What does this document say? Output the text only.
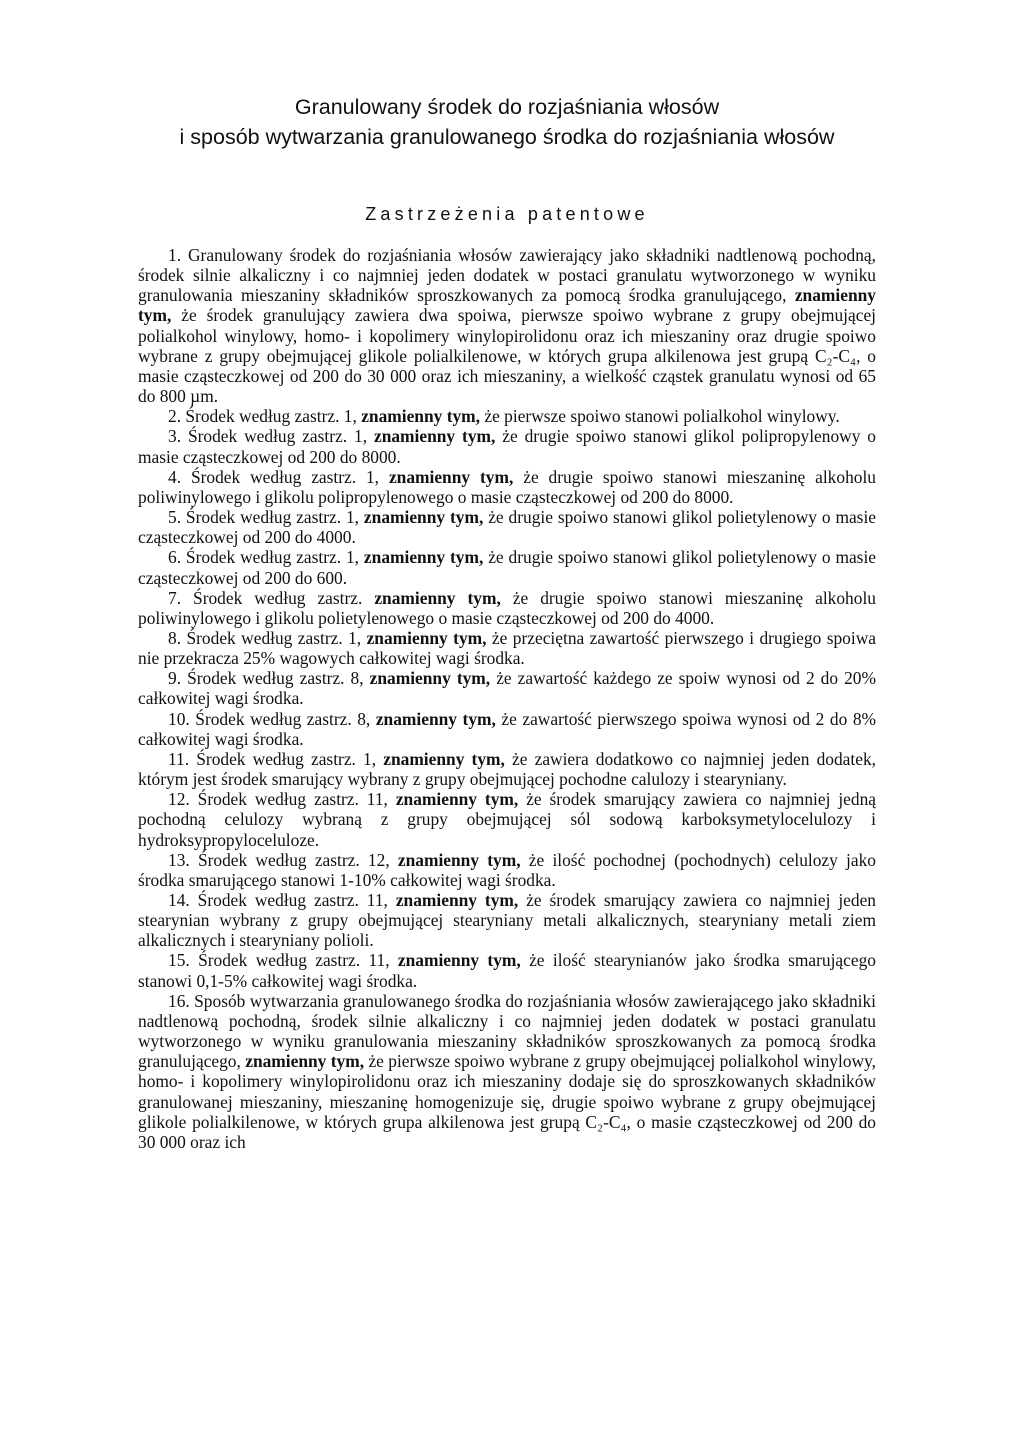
Granulowany środek do rozjaśniania włosów
i sposób wytwarzania granulowanego środka do rozjaśniania włosów
Zastrzeżenia patentowe

1. Granulowany środek do rozjaśniania włosów zawierający jako składniki nadtlenową pochodną, środek silnie alkaliczny i co najmniej jeden dodatek w postaci granulatu wytworzonego w wyniku granulowania mieszaniny składników sproszkowanych za pomocą środka granulującego, znamienny tym, że środek granulujący zawiera dwa spoiwa, pierwsze spoiwo wybrane z grupy obejmującej polialkohol winylowy, homo- i kopolimery winylopirolidonu oraz ich mieszaniny oraz drugie spoiwo wybrane z grupy obejmującej glikole polialkilenowe, w których grupa alkilenowa jest grupą C₂-C₄, o masie cząsteczkowej od 200 do 30 000 oraz ich mieszaniny, a wielkość cząstek granulatu wynosi od 65 do 800 µm.

2. Środek według zastrz. 1, znamienny tym, że pierwsze spoiwo stanowi polialkohol winylowy.

3. Środek według zastrz. 1, znamienny tym, że drugie spoiwo stanowi glikol polipropylenowy o masie cząsteczkowej od 200 do 8000.

4. Środek według zastrz. 1, znamienny tym, że drugie spoiwo stanowi mieszaninę alkoholu poliwinylowego i glikolu polipropylenowego o masie cząsteczkowej od 200 do 8000.

5. Środek według zastrz. 1, znamienny tym, że drugie spoiwo stanowi glikol polietylenowy o masie cząsteczkowej od 200 do 4000.

6. Środek według zastrz. 1, znamienny tym, że drugie spoiwo stanowi glikol polietylenowy o masie cząsteczkowej od 200 do 600.

7. Środek według zastrz. znamienny tym, że drugie spoiwo stanowi mieszaninę alkoholu poliwinylowego i glikolu polietylenowego o masie cząsteczkowej od 200 do 4000.

8. Środek według zastrz. 1, znamienny tym, że przeciętna zawartość pierwszego i drugiego spoiwa nie przekracza 25% wagowych całkowitej wagi środka.

9. Środek według zastrz. 8, znamienny tym, że zawartość każdego ze spoiw wynosi od 2 do 20% całkowitej wagi środka.

10. Środek według zastrz. 8, znamienny tym, że zawartość pierwszego spoiwa wynosi od 2 do 8% całkowitej wagi środka.

11. Środek według zastrz. 1, znamienny tym, że zawiera dodatkowo co najmniej jeden dodatek, którym jest środek smarujący wybrany z grupy obejmującej pochodne calulozy i stearyniany.

12. Środek według zastrz. 11, znamienny tym, że środek smarujący zawiera co najmniej jedną pochodną celulozy wybraną z grupy obejmującej sól sodową karboksymetylocelulozy i hydroksypropyloceluloze.

13. Środek według zastrz. 12, znamienny tym, że ilość pochodnej (pochodnych) celulozy jako środka smarującego stanowi 1-10% całkowitej wagi środka.

14. Środek według zastrz. 11, znamienny tym, że środek smarujący zawiera co najmniej jeden stearynian wybrany z grupy obejmującej stearyniany metali alkalicznych, stearyniany metali ziem alkalicznych i stearyniany polioli.

15. Środek według zastrz. 11, znamienny tym, że ilość stearynianów jako środka smarującego stanowi 0,1-5% całkowitej wagi środka.

16. Sposób wytwarzania granulowanego środka do rozjaśniania włosów zawierającego jako składniki nadtlenową pochodną, środek silnie alkaliczny i co najmniej jeden dodatek w postaci granulatu wytworzonego w wyniku granulowania mieszaniny składników sproszkowanych za pomocą środka granulującego, znamienny tym, że pierwsze spoiwo wybrane z grupy obejmującej polialkohol winylowy, homo- i kopolimery winylopirolidonu oraz ich mieszaniny dodaje się do sproszkowanych składników granulowanej mieszaniny, mieszaninę homogenizuje się, drugie spoiwo wybrane z grupy obejmującej glikole polialkilenowe, w których grupa alkilenowa jest grupą C₂-C₄, o masie cząsteczkowej od 200 do 30 000 oraz ich
